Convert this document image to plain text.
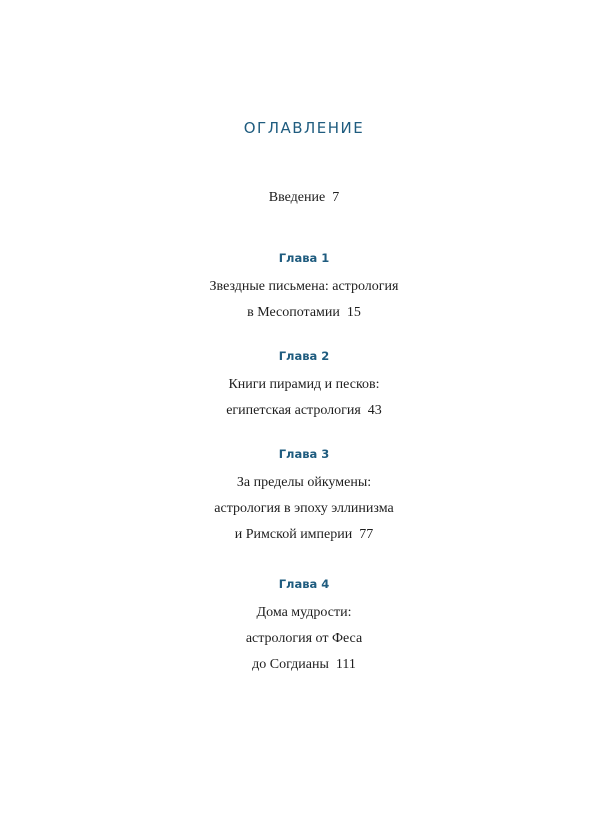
ОГЛАВЛЕНИЕ
Введение 7
Глава 1
Звездные письмена: астрология
в Месопотамии 15
Глава 2
Книги пирамид и песков:
египетская астрология 43
Глава 3
За пределы ойкумены:
астрология в эпоху эллинизма
и Римской империи 77
Глава 4
Дома мудрости:
астрология от Феса
до Согдианы 111
